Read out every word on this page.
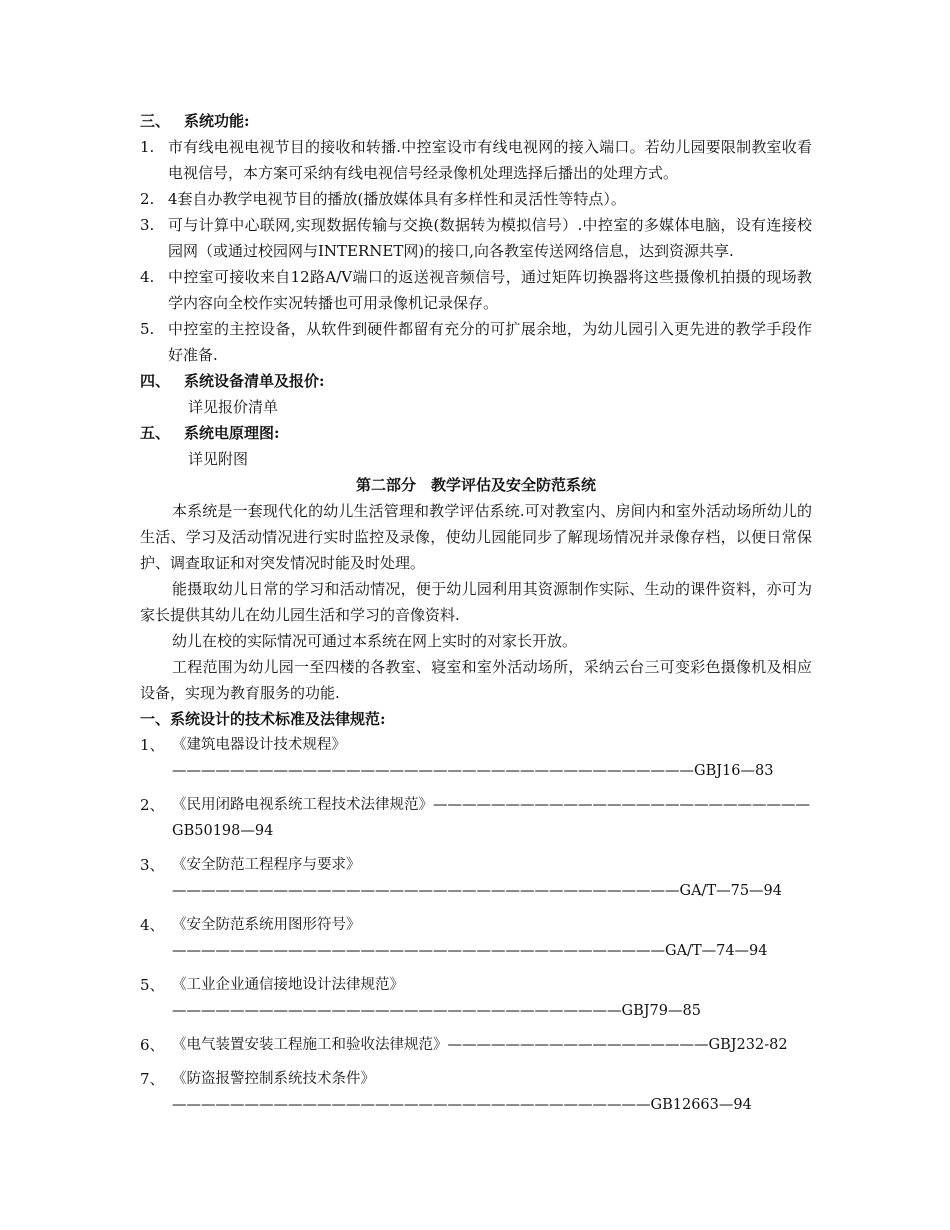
三、 系统功能:
1. 市有线电视电视节目的接收和转播.中控室设市有线电视网的接入端口。若幼儿园要限制教室收看电视信号，本方案可采纳有线电视信号经录像机处理选择后播出的处理方式。
2. 4套自办教学电视节目的播放(播放媒体具有多样性和灵活性等特点）。
3. 可与计算中心联网,实现数据传输与交换(数据转为模拟信号）.中控室的多媒体电脑，设有连接校园网（或通过校园网与INTERNET网)的接口,向各教室传送网络信息，达到资源共享.
4. 中控室可接收来自12路A/V端口的返送视音频信号，通过矩阵切换器将这些摄像机拍摄的现场教学内容向全校作实况转播也可用录像机记录保存。
5. 中控室的主控设备，从软件到硬件都留有充分的可扩展余地，为幼儿园引入更先进的教学手段作好准备.
四、 系统设备清单及报价:
详见报价清单
五、 系统电原理图:
详见附图
第二部分　教学评估及安全防范系统
本系统是一套现代化的幼儿生活管理和教学评估系统.可对教室内、房间内和室外活动场所幼儿的生活、学习及活动情况进行实时监控及录像，使幼儿园能同步了解现场情况并录像存档，以便日常保护、调查取证和对突发情况时能及时处理。
能摄取幼儿日常的学习和活动情况，便于幼儿园利用其资源制作实际、生动的课件资料，亦可为家长提供其幼儿在幼儿园生活和学习的音像资料.
幼儿在校的实际情况可通过本系统在网上实时的对家长开放。
工程范围为幼儿园一至四楼的各教室、寝室和室外活动场所，采纳云台三可变彩色摄像机及相应设备，实现为教育服务的功能.
一、系统设计的技术标准及法律规范:
1、 《建筑电器设计技术规程》————————————————————————————————————GBJ16—83
2、 《民用闭路电视系统工程技术法律规范》——————————————————————————GB50198—94
3、 《安全防范工程程序与要求》———————————————————————————————————GA/T—75—94
4、 《安全防范系统用图形符号》——————————————————————————————————GA/T—74—94
5、 《工业企业通信接地设计法律规范》———————————————————————————————GBJ79—85
6、 《电气装置安装工程施工和验收法律规范》——————————————————GBJ232-82
7、 《防盗报警控制系统技术条件》—————————————————————————————————GB12663—94
